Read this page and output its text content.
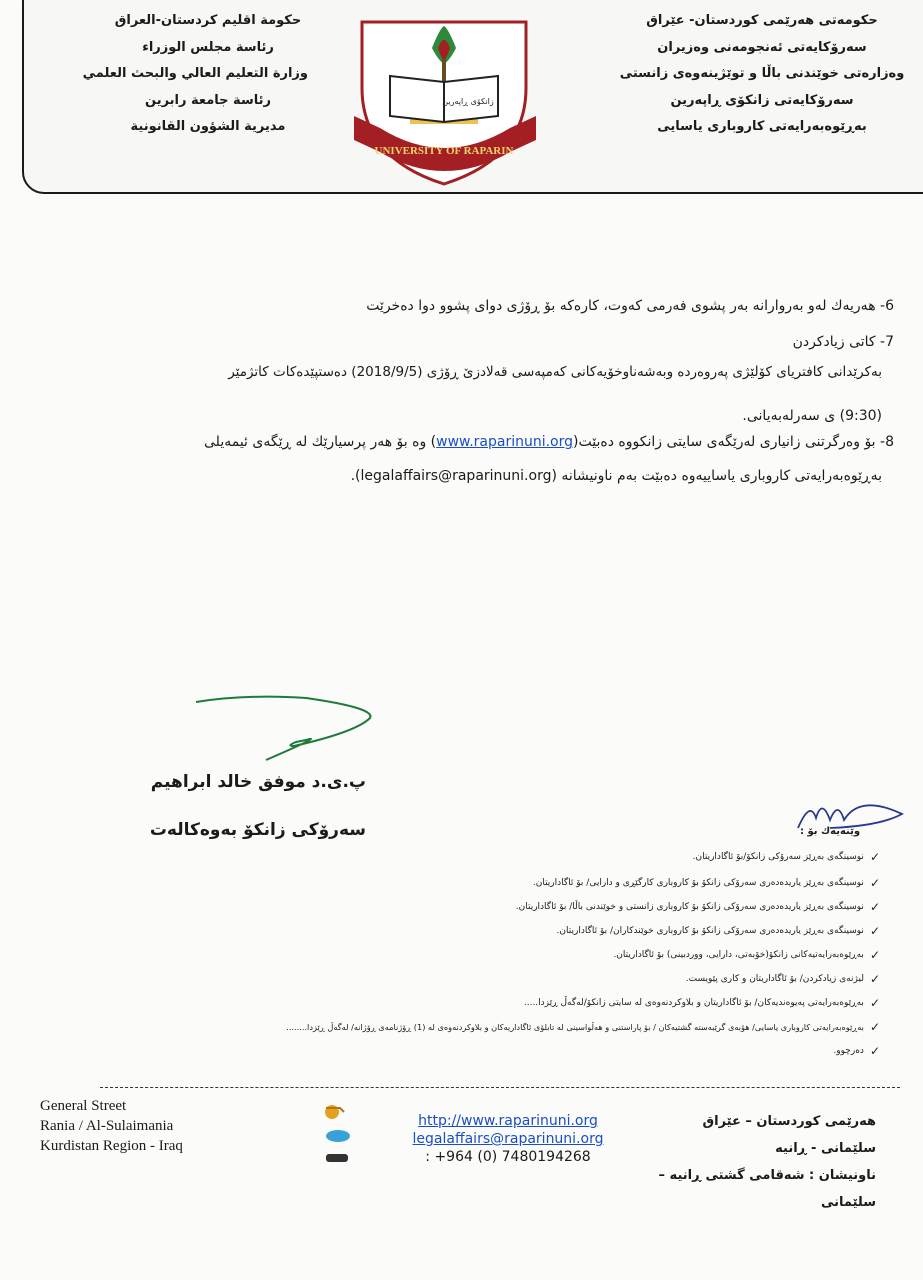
حكومة اقليم كردستان-العراق
رئاسة مجلس الوزراء
وزارة التعليم العالي والبحث العلمي
رئاسة جامعة رابرين
مديرية الشؤون القانونية
حكومەتی هەرێمی كوردستان- عێراق
سەرۆكایەتی ئەنجومەنی وەزیران
وەزارەتی خوێندنی باڵا و توێژینەوەی زانستی
سەرۆكایەتی زانكۆی ڕاپەرین
بەڕێوەبەرایەتی كاروباری یاسایی
زانكۆی ڕاپەرین
UNIVERSITY OF RAPARIN
6- هەریەك لەو بەروارانە بەر پشوی فەرمی كەوت، كارەكە بۆ ڕۆژی دوای پشوو دوا دەخرێت
7- كاتی زیادكردن
بەكرێدانی كافتریای كۆلێژی پەروەردە وبەشەناوخۆیەكانی كەمپەسی قەلادزێ ڕۆژی (2018/9/5) دەستپێدەكات كاتژمێر
(9:30) ی سەرلەبەیانی.
8- بۆ وەرگرتنی زانیاری لەرێگەی سایتی زانكووە دەبێت(www.raparinuni.org) وە بۆ هەر پرسیارێك لە ڕێگەی ئیمەیلی
بەڕێوەبەرایەتی كاروباری یاساییەوە دەبێت بەم ناونیشانە (legalaffairs@raparinuni.org).
پ.ی.د موفق خالد ابراهیم
سەرۆكی زانكۆ بەوەكالەت	وێنەیەك بۆ :
✓
نوسینگەی بەڕێز سەرۆكی زانكۆ/بۆ ئاگاداریتان.
✓
نوسینگەی بەڕێز یاریدەدەری سەرۆكی زانكۆ بۆ كاروباری كارگێڕی و دارایی/ بۆ ئاگاداریتان.
✓
نوسینگەی بەڕێز یاریدەدەری سەرۆكی زانكۆ بۆ كاروباری زانستی و خوێندنی باڵا/ بۆ ئاگاداریتان.
✓
نوسینگەی بەڕێز یاریدەدەری سەرۆكی زانكۆ بۆ كاروباری خوێندكاران/ بۆ ئاگاداریتان.
✓
بەڕێوەبەرایەتیەكانی زانكۆ(خۆبەتی، دارایی، ووردبینی) بۆ ئاگاداریتان.
✓
لیژنەی زیادكردن/ بۆ ئاگاداریتان و كاری پێویست.
✓
بەڕێوەبەرایەتی پەیوەندیەكان/ بۆ ئاگاداریتان و بلاوكردنەوەی لە سایتی زانكۆ/لەگەڵ ڕێزدا.....
✓
بەڕێوەبەرایەتی كاروباری یاسایی/ هۆبەی گرێبەستە گشتیەكان / بۆ پاراستنی و هەڵواسینی لە تابلۆی ئاگاداریەكان و بلاوكردنەوەی لە (1) ڕۆژنامەی ڕۆژانە/ لەگەڵ ڕێزدا........
✓
دەرچوو.
General Street
Rania / Al-Sulaimania
Kurdistan Region - Iraq
http://www.raparinuni.org
legalaffairs@raparinuni.org
: +964 (0) 7480194268
هەرێمی كوردستان – عێراق
سلێمانی - ڕانیە
ناونیشان : شەقامی گشتی ڕانیە – سلێمانی
